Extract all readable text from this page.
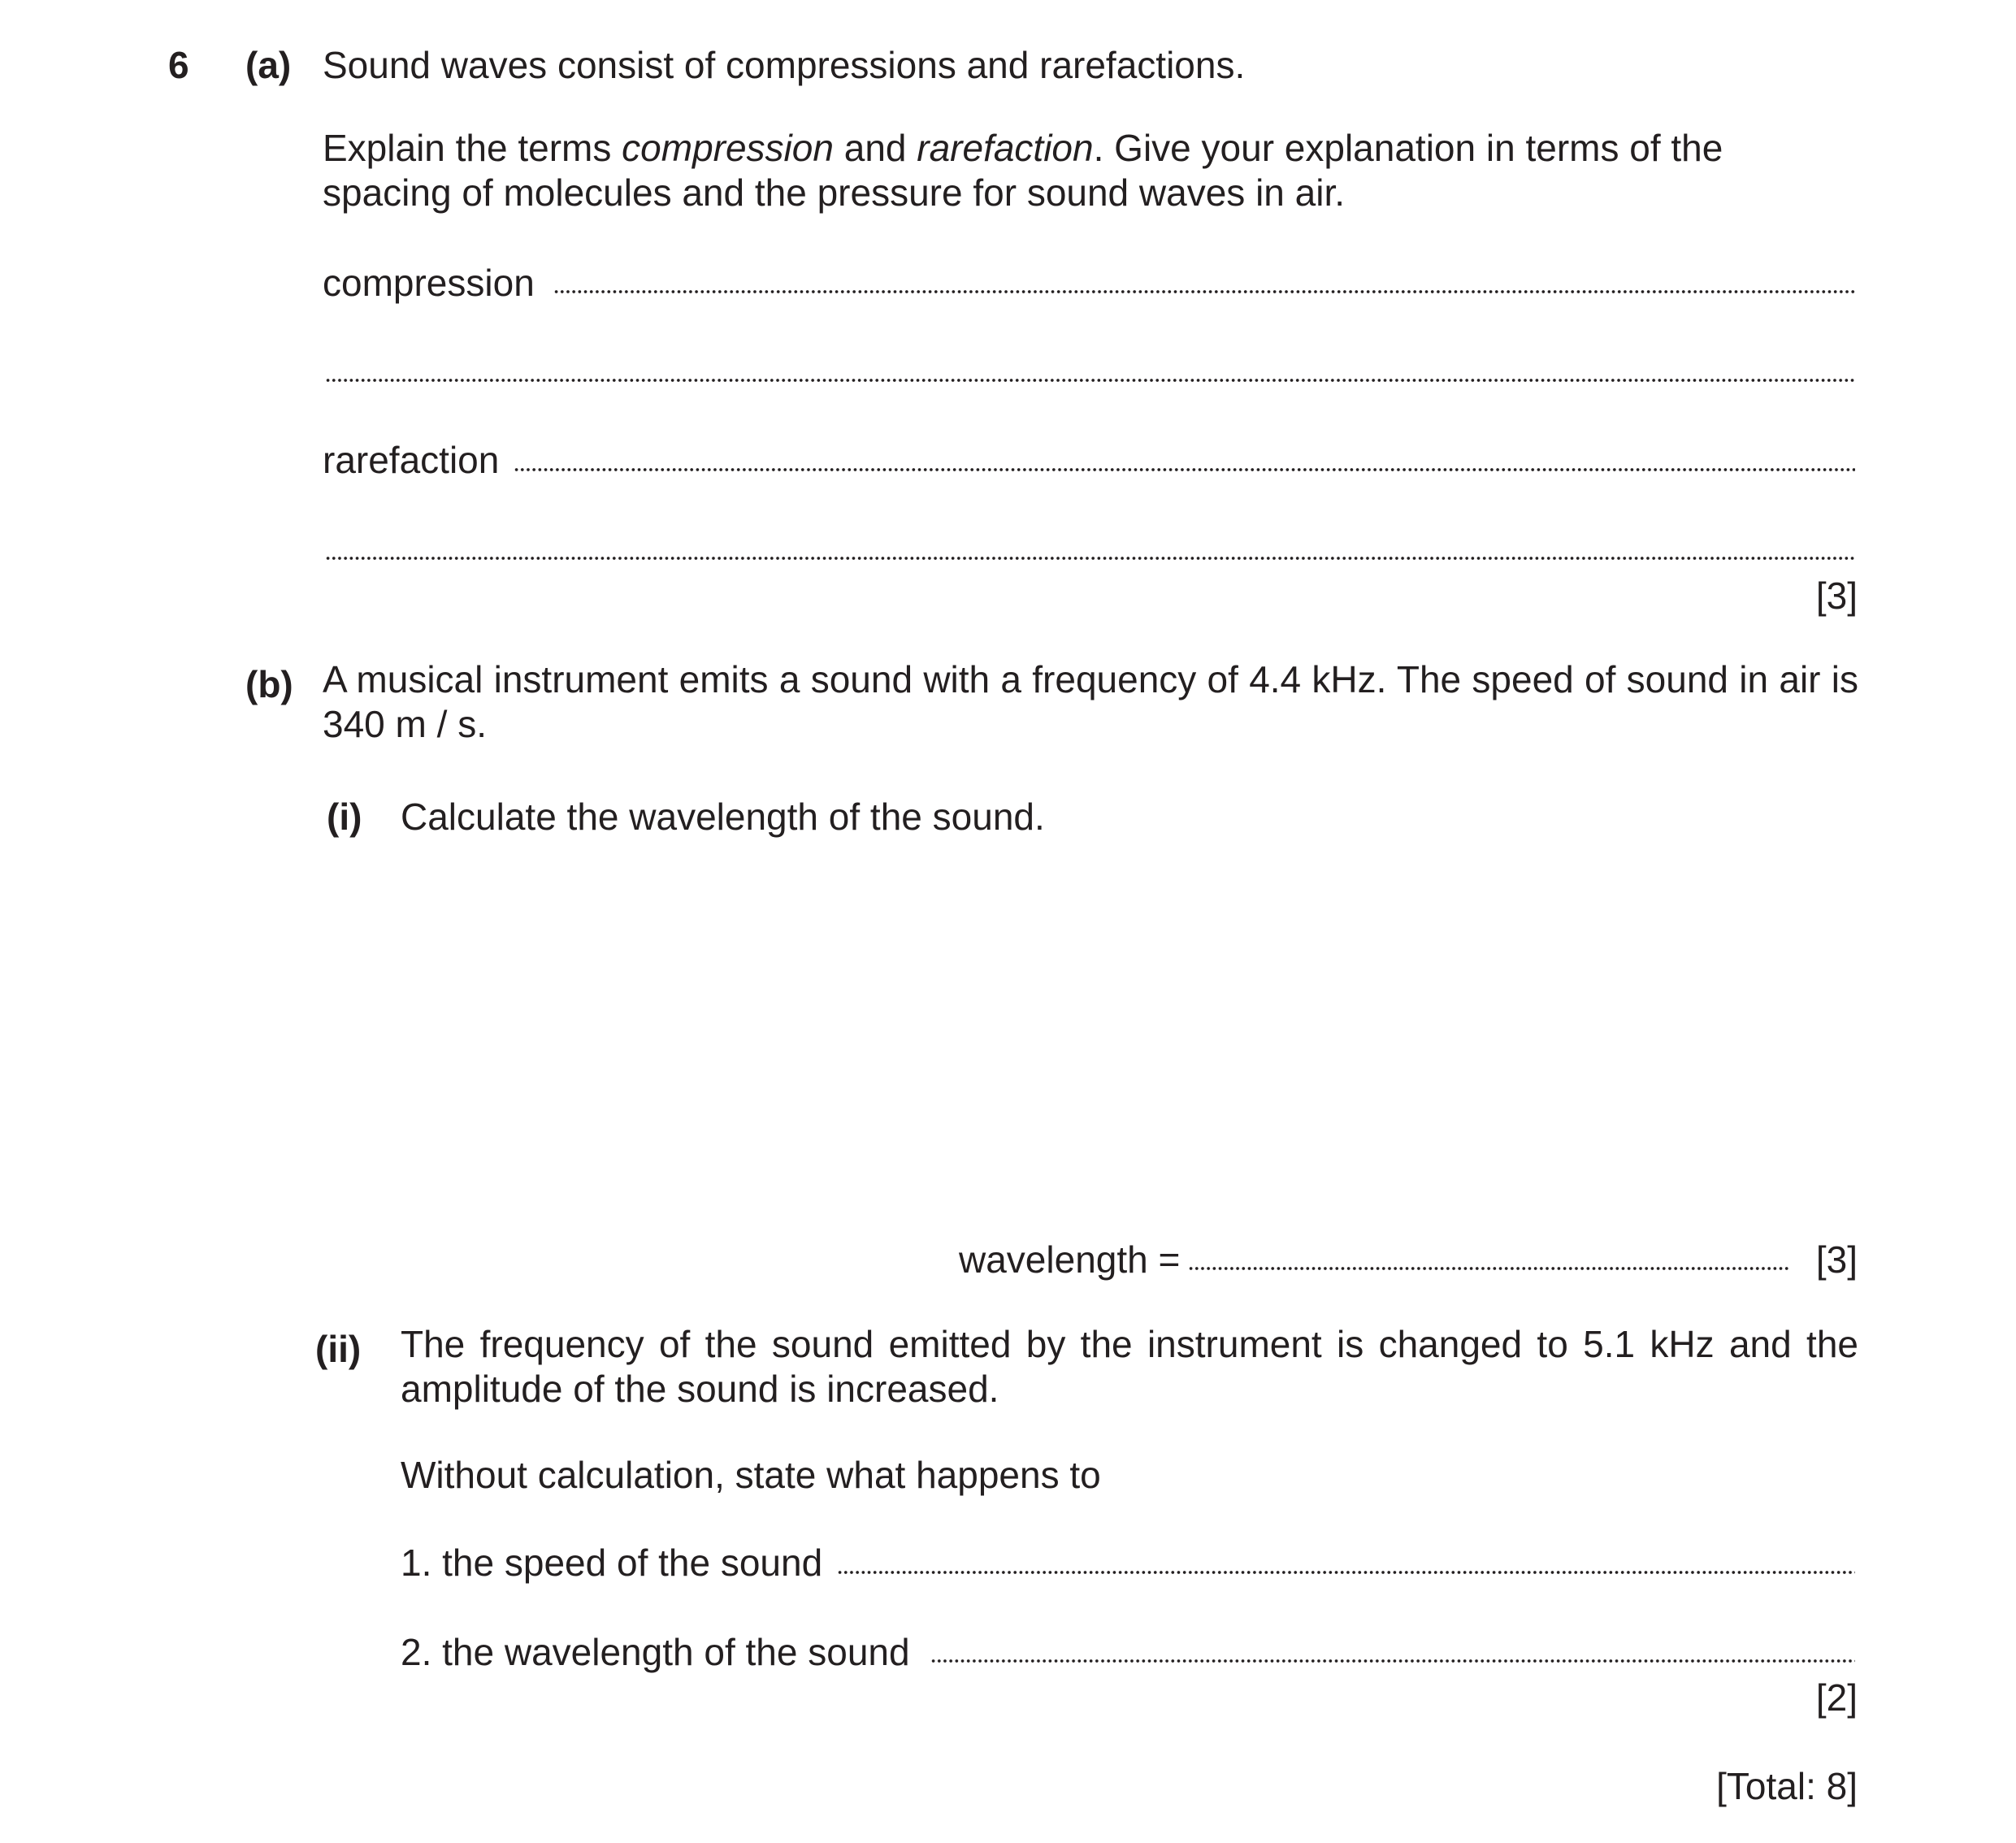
6 (a) Sound waves consist of compressions and rarefactions.
Explain the terms compression and rarefaction. Give your explanation in terms of the spacing of molecules and the pressure for sound waves in air.
compression
rarefaction
[3]
(b) A musical instrument emits a sound with a frequency of 4.4 kHz. The speed of sound in air is 340 m / s.
(i) Calculate the wavelength of the sound.
wavelength =	[3]
(ii) The frequency of the sound emitted by the instrument is changed to 5.1 kHz and the amplitude of the sound is increased.
Without calculation, state what happens to
1. the speed of the sound
2. the wavelength of the sound
[2]
[Total: 8]
